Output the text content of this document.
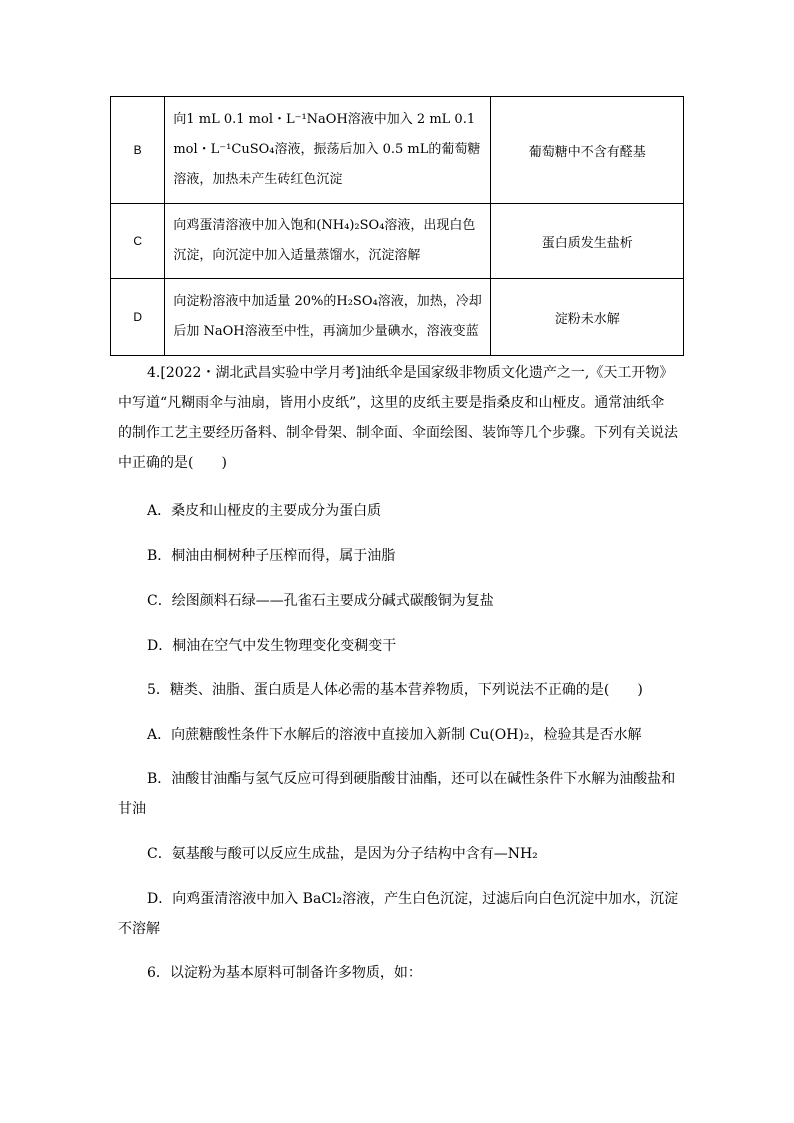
B	向1 mL 0.1 mol・L⁻¹NaOH溶液中加入 2 mL 0.1
mol・L⁻¹CuSO₄溶液，振荡后加入 0.5 mL的葡萄糖
溶液，加热未产生砖红色沉淀	葡萄糖中不含有醛基
C	向鸡蛋清溶液中加入饱和(NH₄)₂SO₄溶液，出现白色
沉淀，向沉淀中加入适量蒸馏水，沉淀溶解	蛋白质发生盐析
D	向淀粉溶液中加适量 20%的H₂SO₄溶液，加热，冷却
后加 NaOH溶液至中性，再滴加少量碘水，溶液变蓝	淀粉未水解
4.[2022・湖北武昌实验中学月考]油纸伞是国家级非物质文化遗产之一,《天工开物》
中写道“凡糊雨伞与油扇，皆用小皮纸”，这里的皮纸主要是指桑皮和山桠皮。通常油纸伞
的制作工艺主要经历备料、制伞骨架、制伞面、伞面绘图、装饰等几个步骤。下列有关说法
中正确的是(　　)
A．桑皮和山桠皮的主要成分为蛋白质
B．桐油由桐树种子压榨而得，属于油脂
C．绘图颜料石绿——孔雀石主要成分碱式碳酸铜为复盐
D．桐油在空气中发生物理变化变稠变干
5．糖类、油脂、蛋白质是人体必需的基本营养物质，下列说法不正确的是(　　)
A．向蔗糖酸性条件下水解后的溶液中直接加入新制 Cu(OH)₂，检验其是否水解
B．油酸甘油酯与氢气反应可得到硬脂酸甘油酯，还可以在碱性条件下水解为油酸盐和
甘油
C．氨基酸与酸可以反应生成盐，是因为分子结构中含有—NH₂
D．向鸡蛋清溶液中加入 BaCl₂溶液，产生白色沉淀，过滤后向白色沉淀中加水，沉淀
不溶解
6．以淀粉为基本原料可制备许多物质，如：
